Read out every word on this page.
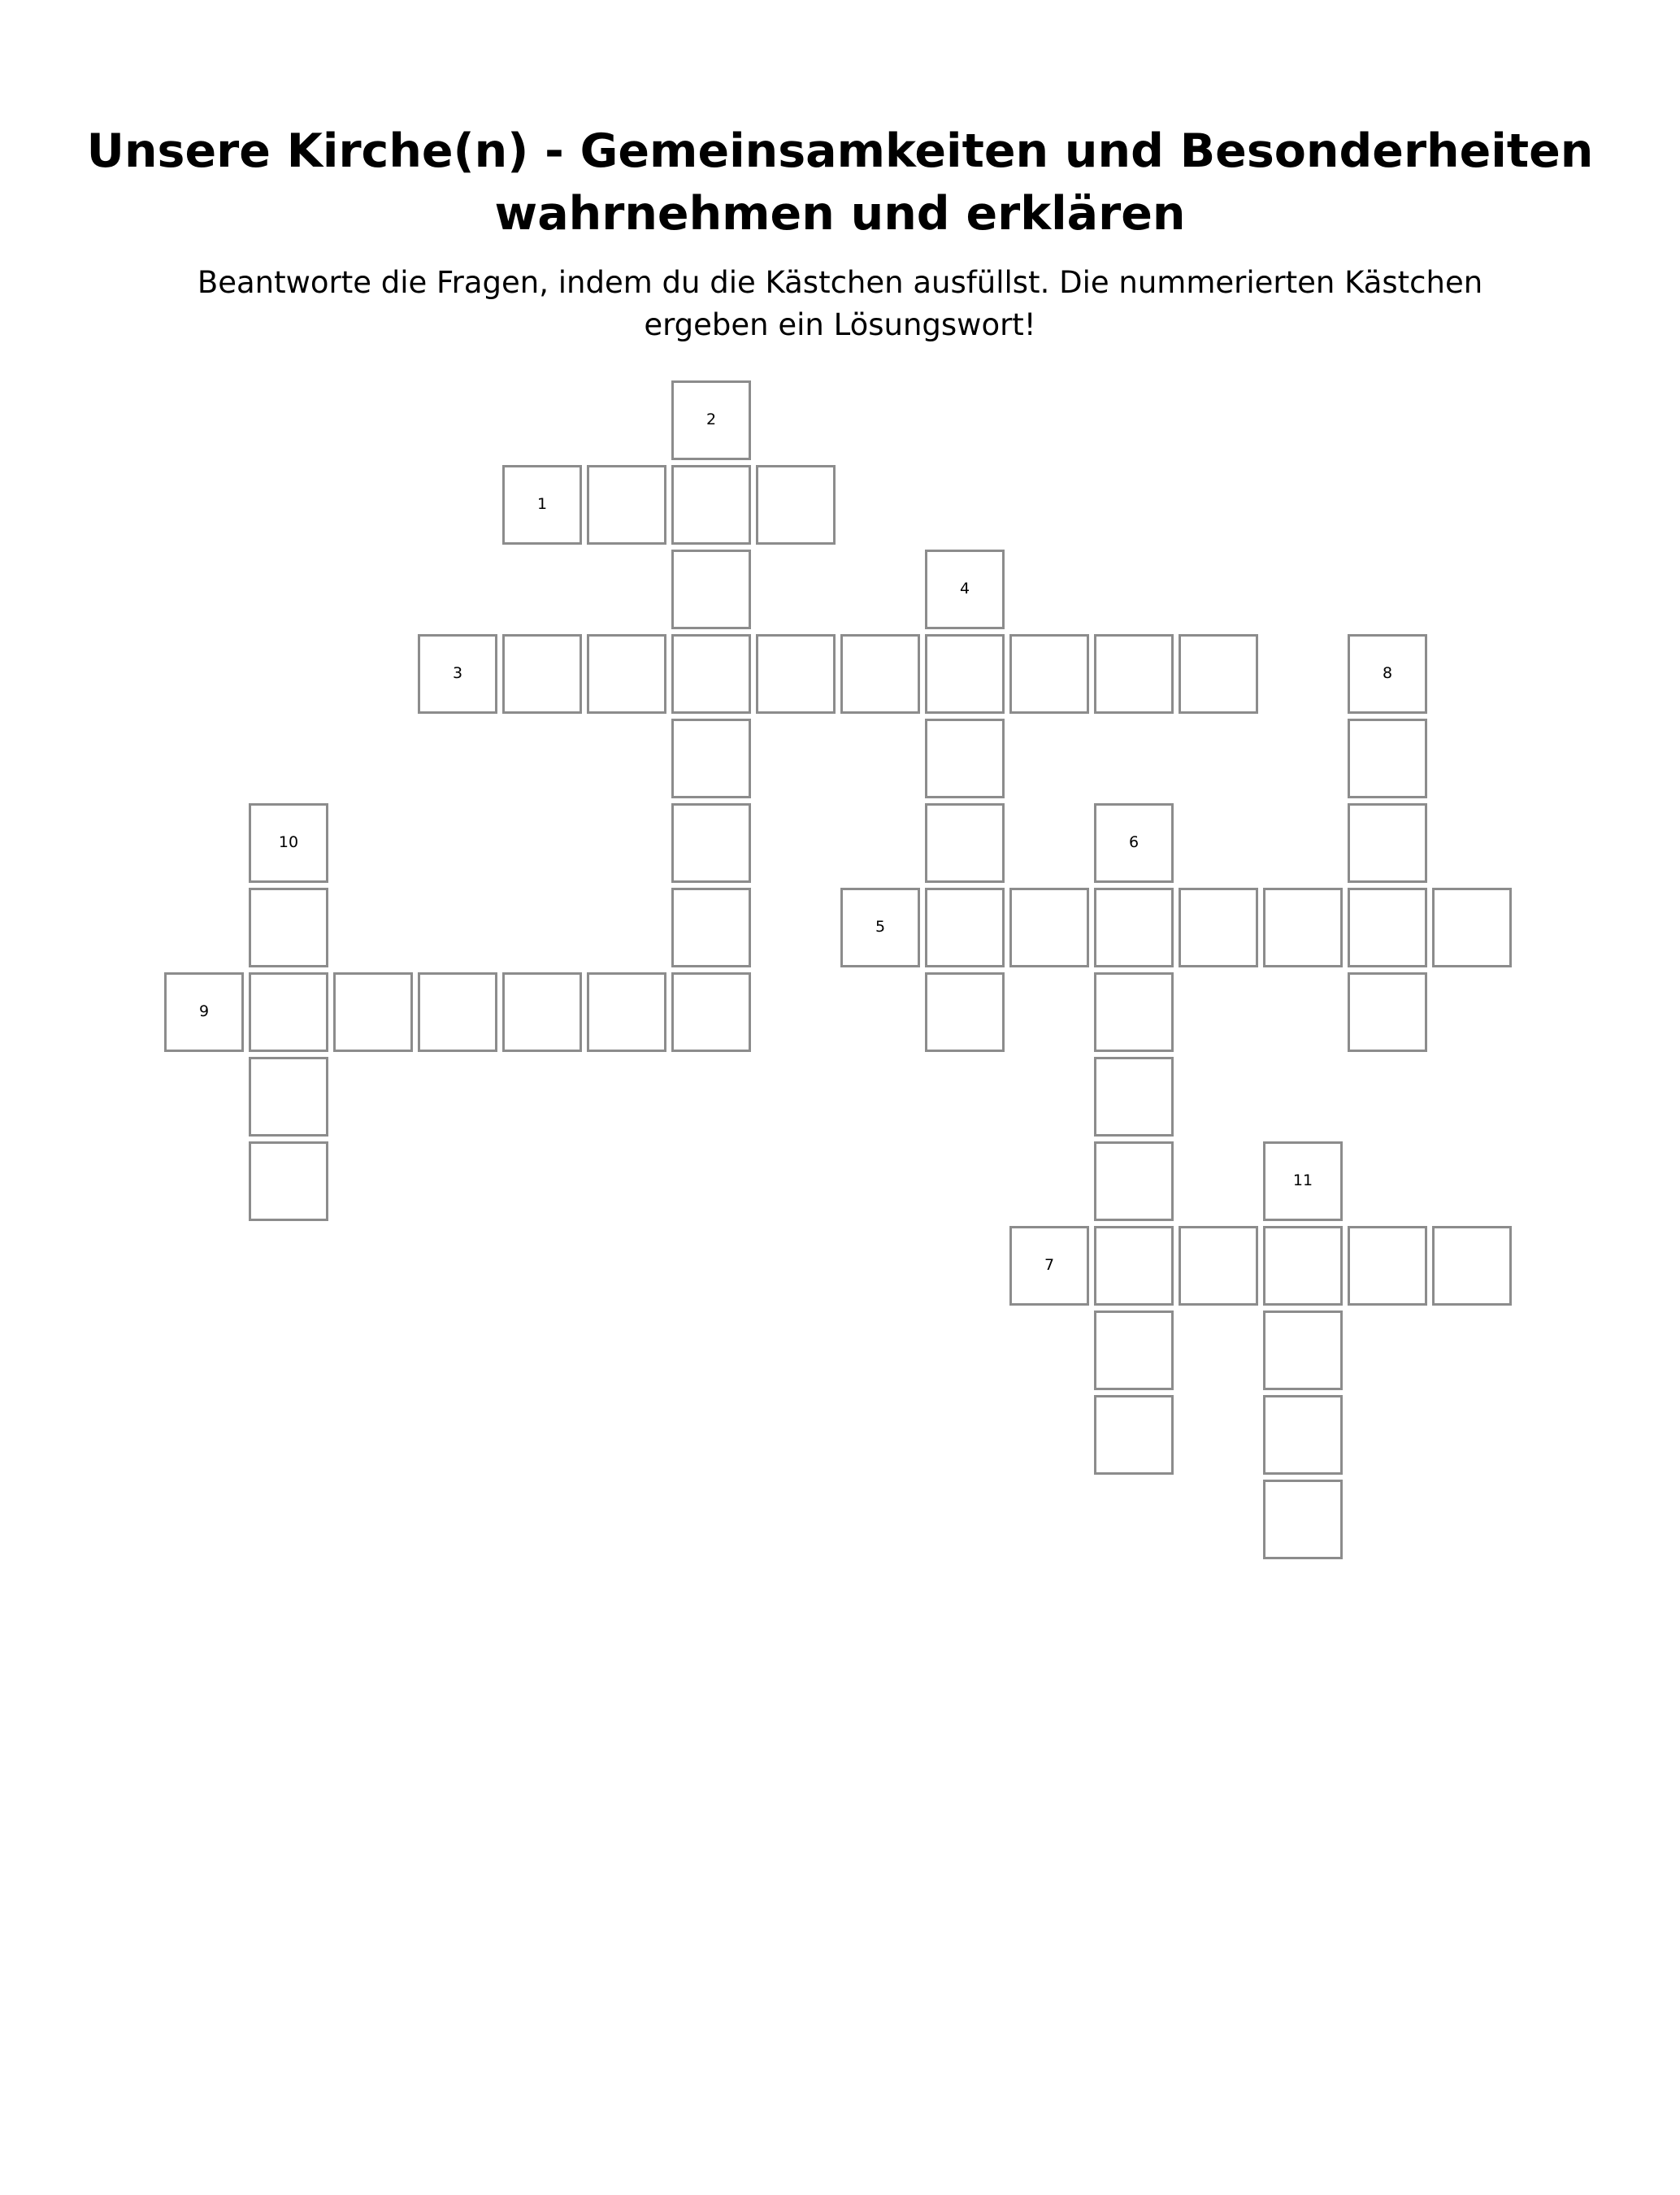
Unsere Kirche(n) - Gemeinsamkeiten und Besonderheiten
wahrnehmen und erklären

Beantworte die Fragen, indem du die Kästchen ausfüllst. Die nummerierten Kästchen ergeben ein Lösungswort!

1
2
3
4
5
6
7
8
9
10
11
